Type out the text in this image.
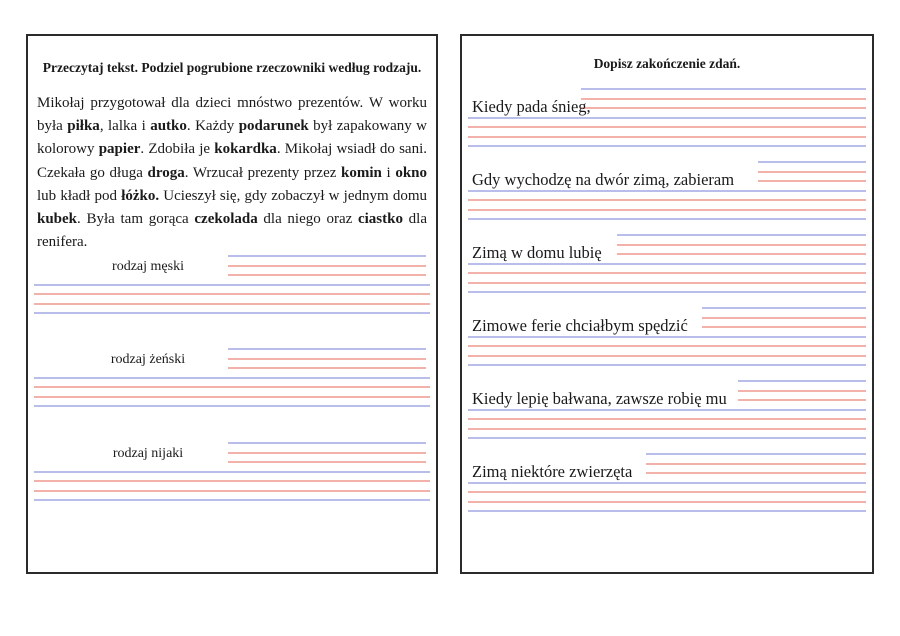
Przeczytaj tekst. Podziel pogrubione rzeczowniki według rodzaju.

Mikołaj przygotował dla dzieci mnóstwo prezentów. W worku była piłka, lalka i autko. Każdy podarunek był zapakowany w kolorowy papier. Zdobiła je kokardka. Mikołaj wsiadł do sani. Czekała go długa droga. Wrzucał prezenty przez komin i okno lub kładł pod łóżko. Ucieszył się, gdy zobaczył w jednym domu kubek. Była tam gorąca czekolada dla niego oraz ciastko dla renifera.

rodzaj męski
rodzaj żeński
rodzaj nijaki
Dopisz zakończenie zdań.
Kiedy pada śnieg,
Gdy wychodzę na dwór zimą, zabieram
Zimą w domu lubię
Zimowe ferie chciałbym spędzić
Kiedy lepię bałwana, zawsze robię mu
Zimą niektóre zwierzęta
